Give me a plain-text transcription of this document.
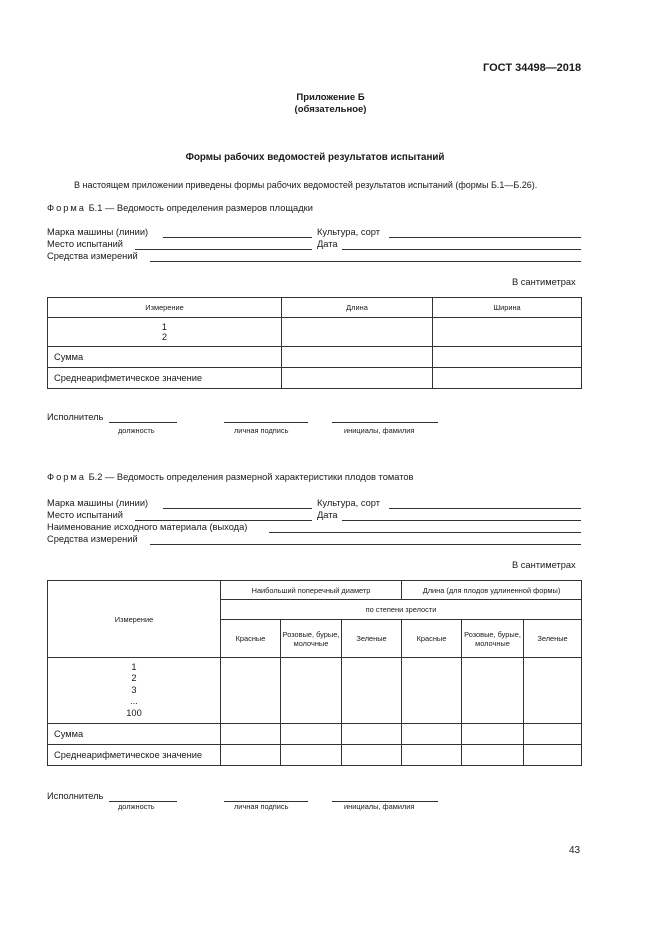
ГОСТ 34498—2018
Приложение Б
(обязательное)
Формы рабочих ведомостей результатов испытаний
В настоящем приложении приведены формы рабочих ведомостей результатов испытаний (формы Б.1—Б.26).
Форма Б.1 — Ведомость определения размеров площадки
Марка машины (линии)	Культура, сорт
Место испытаний	Дата
Средства измерений
В сантиметрах
Измерение	Длина	Ширина

1
2		

Сумма		
Среднеарифметическое значение		
Исполнитель
должность	личная подпись	инициалы, фамилия
Форма Б.2 — Ведомость определения размерной характеристики плодов томатов
Марка машины (линии)	Культура, сорт
Место испытаний	Дата
Наименование исходного материала (выхода)
Средства измерений
В сантиметрах
Измерение	Наибольший поперечный диаметр			Длина (для плодов удлиненной формы)		
	по степени зрелости					
	Красные	Розовые, бурые, молочные	Зеленые	Красные	Розовые, бурые, молочные	Зеленые

1
2
3
...
100						

Сумма						
Среднеарифметическое значение						
Исполнитель
должность	личная подпись	инициалы, фамилия
43
